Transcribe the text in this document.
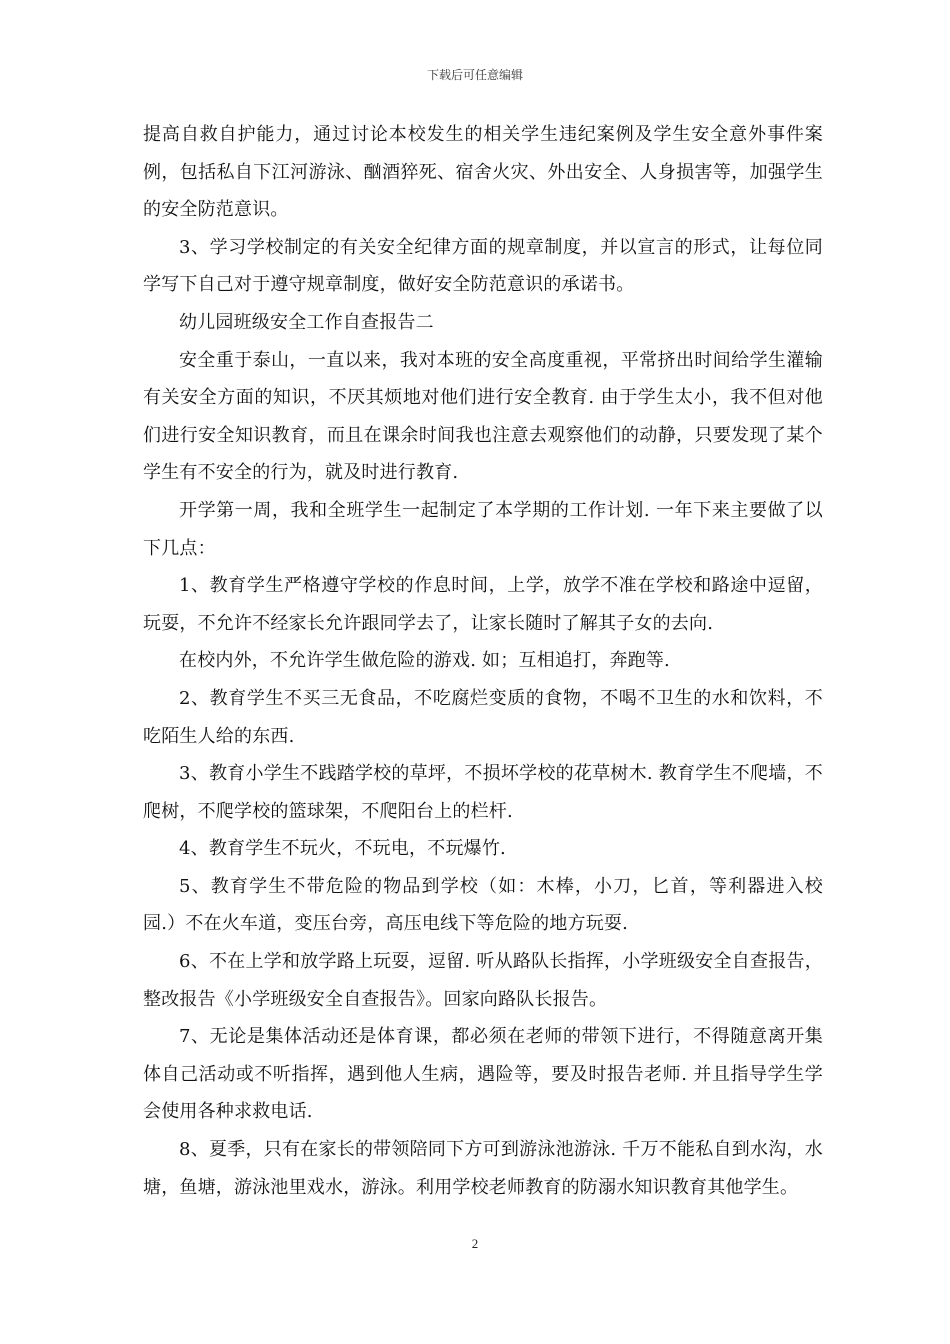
下载后可任意编辑

提高自救自护能力，通过讨论本校发生的相关学生违纪案例及学生安全意外事件案例，包括私自下江河游泳、酗酒猝死、宿舍火灾、外出安全、人身损害等，加强学生的安全防范意识。

3、学习学校制定的有关安全纪律方面的规章制度，并以宣言的形式，让每位同学写下自己对于遵守规章制度，做好安全防范意识的承诺书。

幼儿园班级安全工作自查报告二

安全重于泰山，一直以来，我对本班的安全高度重视，平常挤出时间给学生灌输有关安全方面的知识，不厌其烦地对他们进行安全教育. 由于学生太小，我不但对他们进行安全知识教育，而且在课余时间我也注意去观察他们的动静，只要发现了某个学生有不安全的行为，就及时进行教育.

开学第一周，我和全班学生一起制定了本学期的工作计划. 一年下来主要做了以下几点：

1、教育学生严格遵守学校的作息时间，上学，放学不准在学校和路途中逗留，玩耍，不允许不经家长允许跟同学去了，让家长随时了解其子女的去向.

在校内外，不允许学生做危险的游戏. 如；互相追打，奔跑等.

2、教育学生不买三无食品，不吃腐烂变质的食物，不喝不卫生的水和饮料，不吃陌生人给的东西.

3、教育小学生不践踏学校的草坪，不损坏学校的花草树木. 教育学生不爬墙，不爬树，不爬学校的篮球架，不爬阳台上的栏杆.

4、教育学生不玩火，不玩电，不玩爆竹.

5、教育学生不带危险的物品到学校（如：木棒，小刀，匕首，等利器进入校园.）不在火车道，变压台旁，高压电线下等危险的地方玩耍.

6、不在上学和放学路上玩耍，逗留. 听从路队长指挥，小学班级安全自查报告，整改报告《小学班级安全自查报告》。回家向路队长报告。

7、无论是集体活动还是体育课，都必须在老师的带领下进行，不得随意离开集体自己活动或不听指挥，遇到他人生病，遇险等，要及时报告老师. 并且指导学生学会使用各种求救电话.

8、夏季，只有在家长的带领陪同下方可到游泳池游泳. 千万不能私自到水沟，水塘，鱼塘，游泳池里戏水，游泳。利用学校老师教育的防溺水知识教育其他学生。

2
